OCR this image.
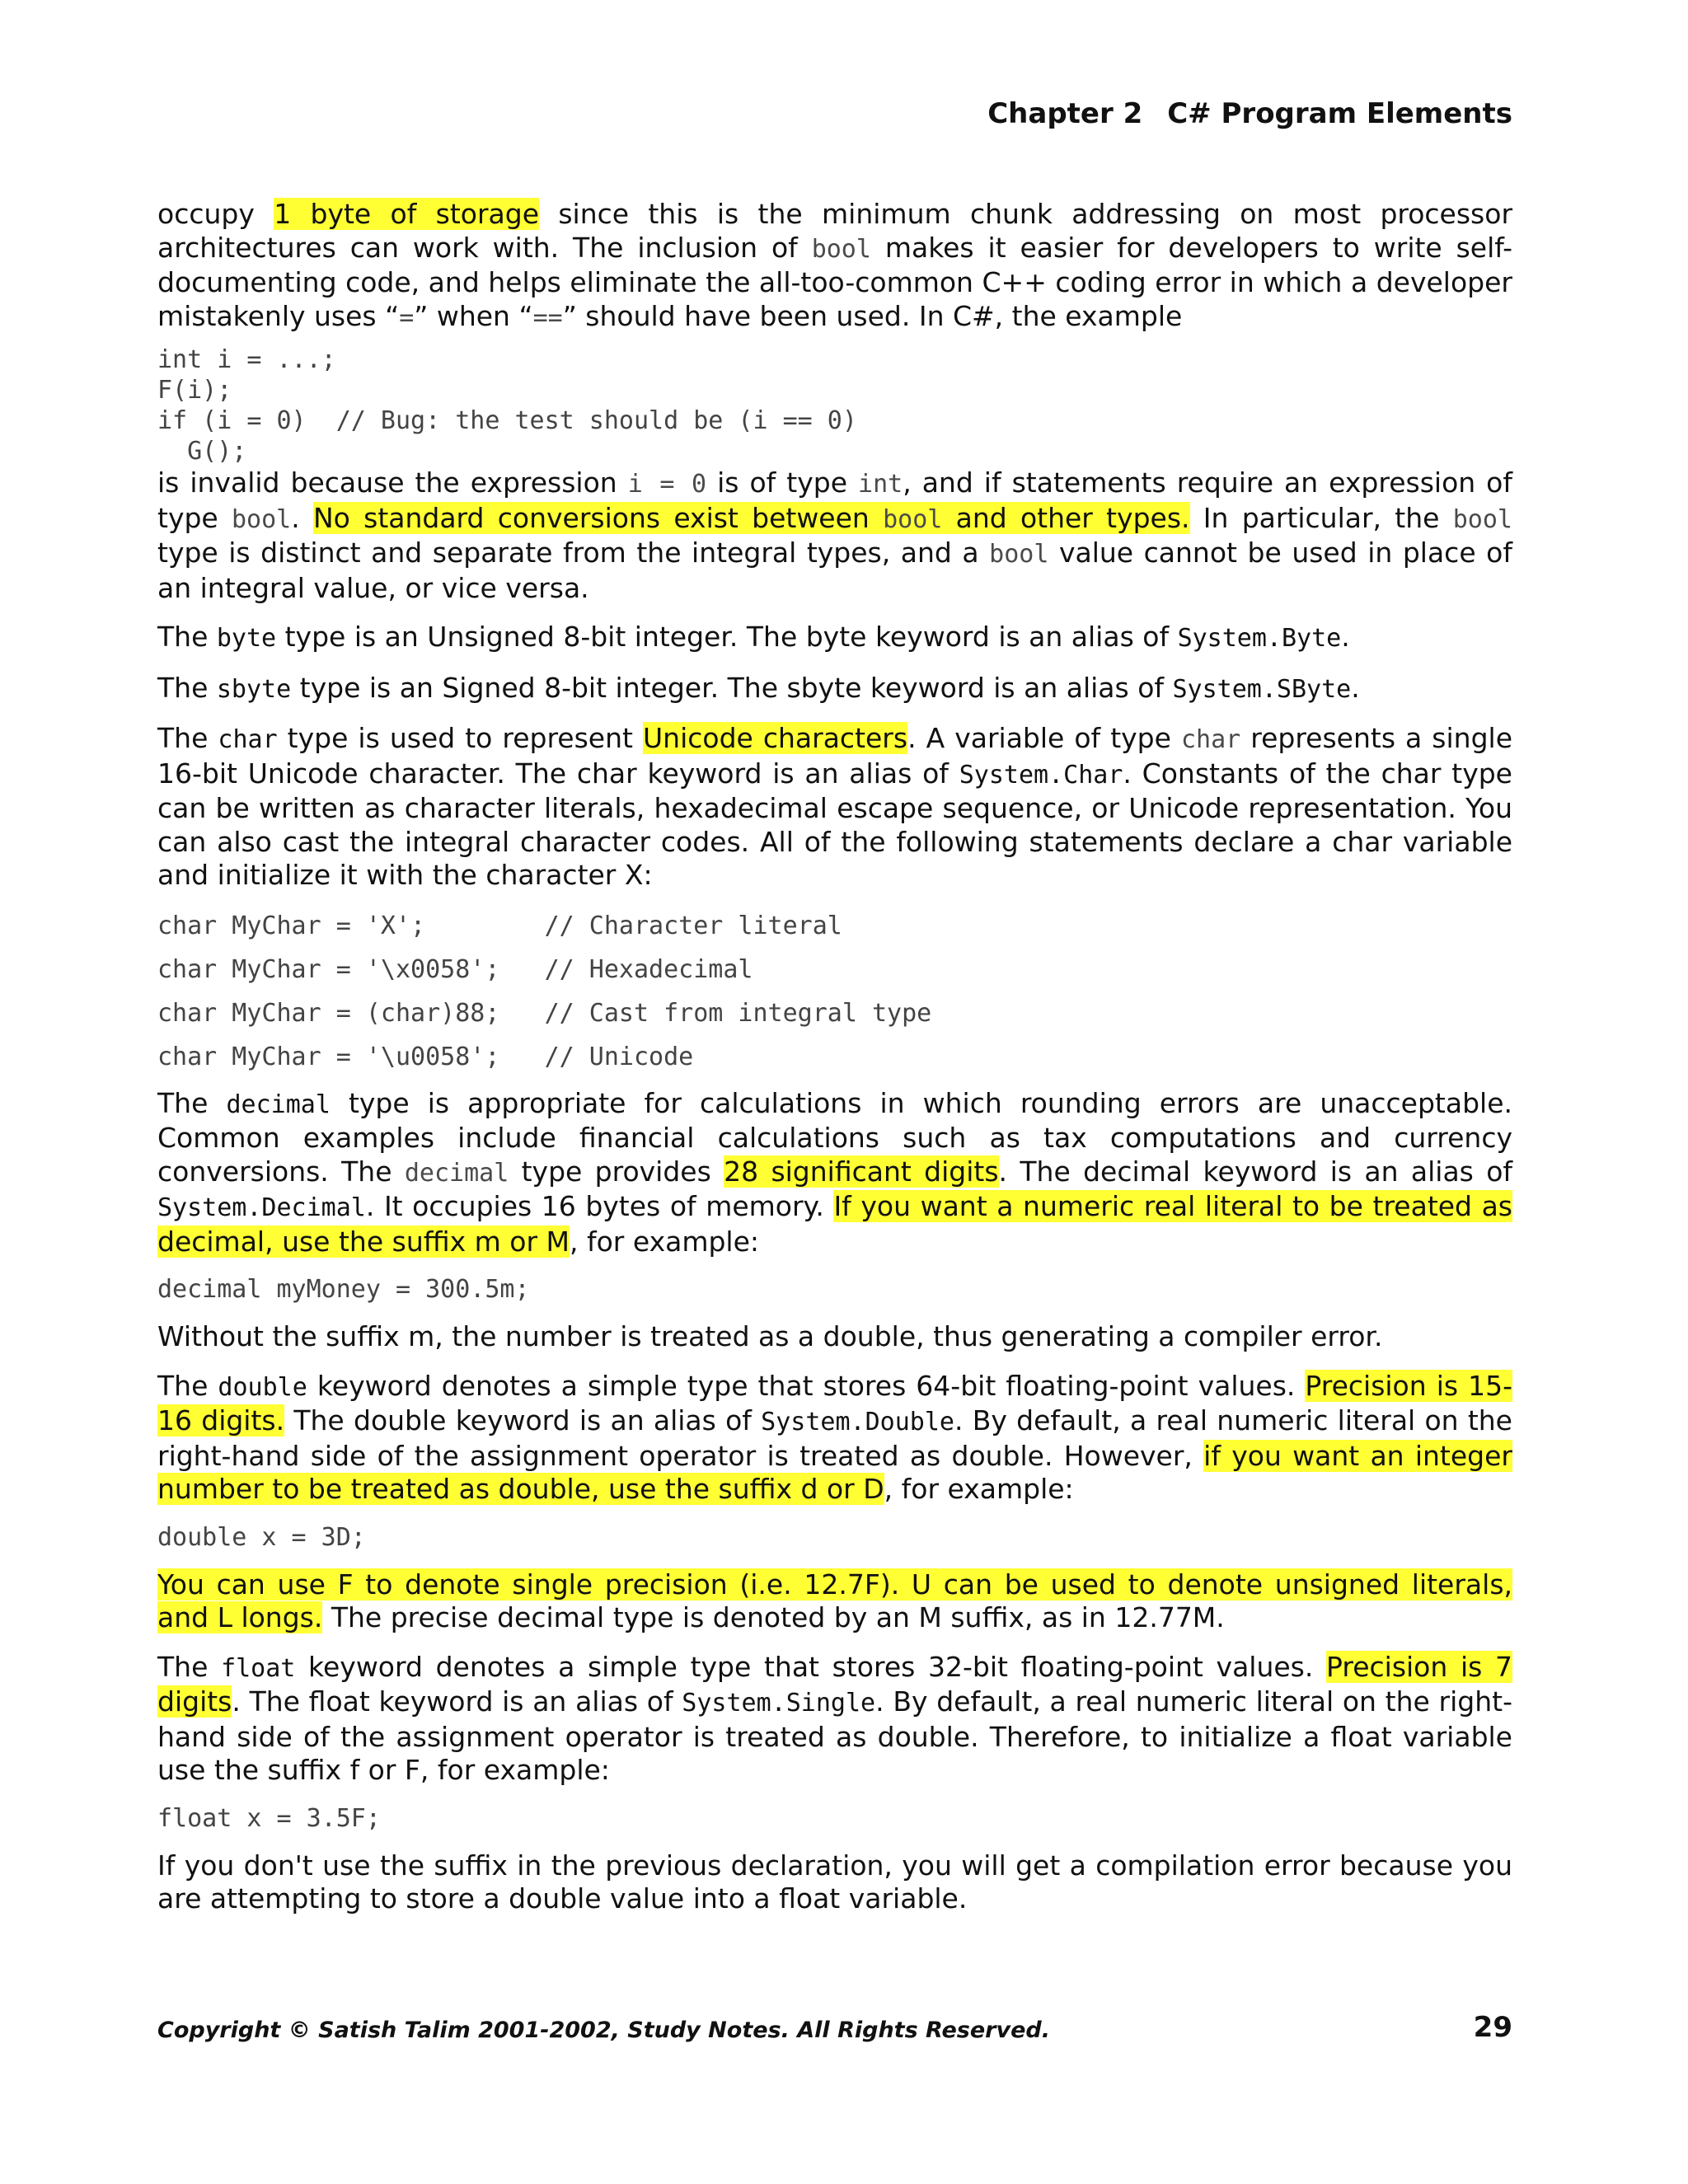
Chapter 2 C# Program Elements

occupy 1 byte of storage since this is the minimum chunk addressing on most processor architectures can work with. The inclusion of bool makes it easier for developers to write self-documenting code, and helps eliminate the all-too-common C++ coding error in which a developer mistakenly uses “=” when “==” should have been used. In C#, the example

int i = ...;
F(i);
if (i = 0)  // Bug: the test should be (i == 0)
G();

is invalid because the expression i = 0 is of type int, and if statements require an expression of type bool. No standard conversions exist between bool and other types. In particular, the bool type is distinct and separate from the integral types, and a bool value cannot be used in place of an integral value, or vice versa.

The byte type is an Unsigned 8-bit integer. The byte keyword is an alias of System.Byte.

The sbyte type is an Signed 8-bit integer. The sbyte keyword is an alias of System.SByte.

The char type is used to represent Unicode characters. A variable of type char represents a single 16-bit Unicode character. The char keyword is an alias of System.Char. Constants of the char type can be written as character literals, hexadecimal escape sequence, or Unicode representation. You can also cast the integral character codes. All of the following statements declare a char variable and initialize it with the character X:

char MyChar = 'X';        // Character literal
char MyChar = '\x0058';   // Hexadecimal
char MyChar = (char)88;   // Cast from integral type
char MyChar = '\u0058';   // Unicode

The decimal type is appropriate for calculations in which rounding errors are unacceptable. Common examples include financial calculations such as tax computations and currency conversions. The decimal type provides 28 significant digits. The decimal keyword is an alias of System.Decimal. It occupies 16 bytes of memory. If you want a numeric real literal to be treated as decimal, use the suffix m or M, for example:

decimal myMoney = 300.5m;

Without the suffix m, the number is treated as a double, thus generating a compiler error.

The double keyword denotes a simple type that stores 64-bit floating-point values. Precision is 15-16 digits. The double keyword is an alias of System.Double. By default, a real numeric literal on the right-hand side of the assignment operator is treated as double. However, if you want an integer number to be treated as double, use the suffix d or D, for example:

double x = 3D;

You can use F to denote single precision (i.e. 12.7F). U can be used to denote unsigned literals, and L longs. The precise decimal type is denoted by an M suffix, as in 12.77M.

The float keyword denotes a simple type that stores 32-bit floating-point values. Precision is 7 digits. The float keyword is an alias of System.Single. By default, a real numeric literal on the right-hand side of the assignment operator is treated as double. Therefore, to initialize a float variable use the suffix f or F, for example:

float x = 3.5F;

If you don't use the suffix in the previous declaration, you will get a compilation error because you are attempting to store a double value into a float variable.

Copyright © Satish Talim 2001-2002, Study Notes. All Rights Reserved.	29
